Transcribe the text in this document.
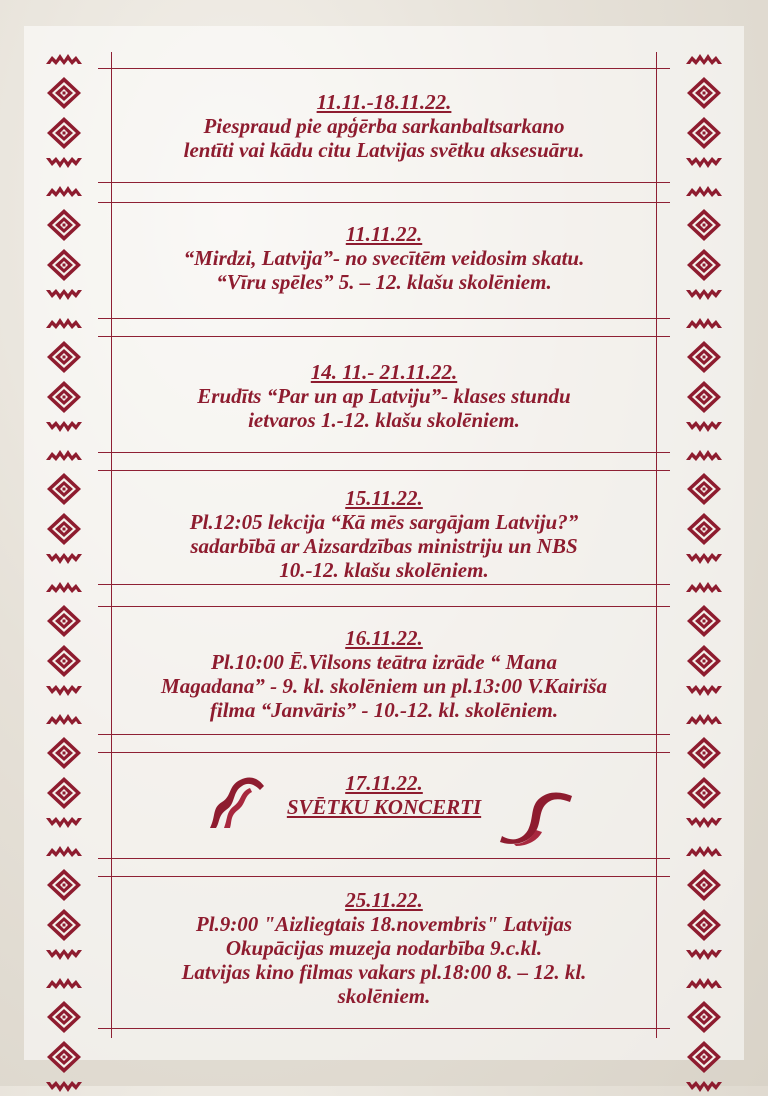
11.11.-18.11.22.
Piespraud pie apģērba sarkanbaltsarkano
lentīti vai kādu citu Latvijas svētku aksesuāru.
11.11.22.
“Mirdzi, Latvija”- no svecītēm veidosim skatu.
“Vīru spēles” 5. – 12. klašu skolēniem.
14. 11.- 21.11.22.
Erudīts “Par un ap Latviju”- klases stundu
ietvaros 1.-12. klašu skolēniem.
15.11.22.
Pl.12:05 lekcija “Kā mēs sargājam Latviju?”
sadarbībā ar Aizsardzības ministriju un NBS
10.-12. klašu skolēniem.
16.11.22.
Pl.10:00 Ē.Vilsons teātra izrāde “ Mana
Magadana” - 9. kl. skolēniem un pl.13:00 V.Kairiša
filma “Janvāris” - 10.-12. kl. skolēniem.
17.11.22.
SVĒTKU KONCERTI
25.11.22.
Pl.9:00 "Aizliegtais 18.novembris" Latvijas
Okupācijas muzeja nodarbība 9.c.kl.
Latvijas kino filmas vakars pl.18:00 8. – 12. kl.
skolēniem.
